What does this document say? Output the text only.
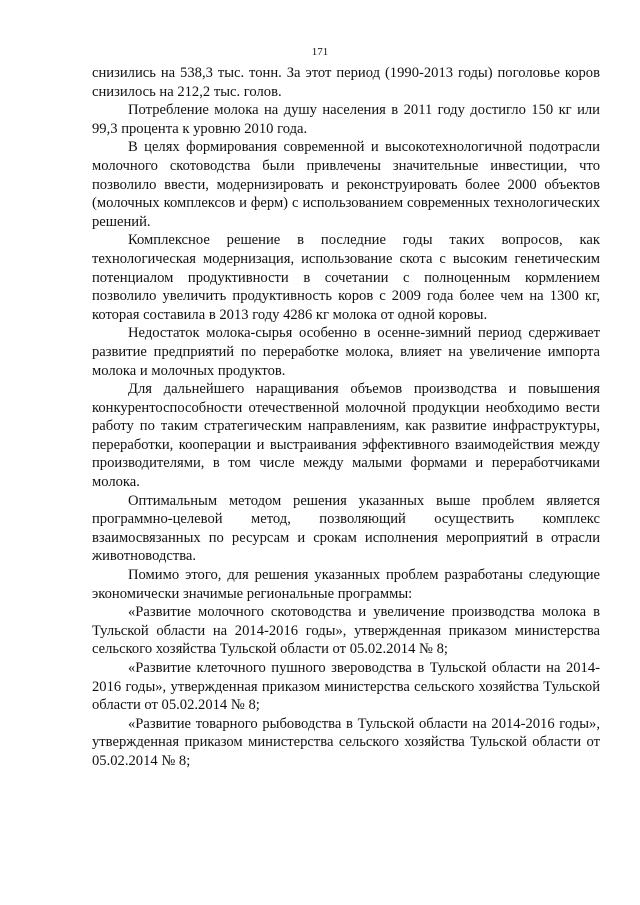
171

снизились на 538,3 тыс. тонн. За этот период (1990-2013 годы) поголовье коров снизилось на 212,2 тыс. голов.

Потребление молока на душу населения в 2011 году достигло 150 кг или 99,3 процента к уровню 2010 года.

В целях формирования современной и высокотехнологичной подотрасли молочного скотоводства были привлечены значительные инвестиции, что позволило ввести, модернизировать и реконструировать более 2000 объектов (молочных комплексов и ферм) с использованием современных технологических решений.

Комплексное решение в последние годы таких вопросов, как технологическая модернизация, использование скота с высоким генетическим потенциалом продуктивности в сочетании с полноценным кормлением позволило увеличить продуктивность коров с 2009 года более чем на 1300 кг, которая составила в 2013 году 4286 кг молока от одной коровы.

Недостаток молока-сырья особенно в осенне-зимний период сдерживает развитие предприятий по переработке молока, влияет на увеличение импорта молока и молочных продуктов.

Для дальнейшего наращивания объемов производства и повышения конкурентоспособности отечественной молочной продукции необходимо вести работу по таким стратегическим направлениям, как развитие инфраструктуры, переработки, кооперации и выстраивания эффективного взаимодействия между производителями, в том числе между малыми формами и переработчиками молока.

Оптимальным методом решения указанных выше проблем является программно-целевой метод, позволяющий осуществить комплекс взаимосвязанных по ресурсам и срокам исполнения мероприятий в отрасли животноводства.

Помимо этого, для решения указанных проблем разработаны следующие экономически значимые региональные программы:

«Развитие молочного скотоводства и увеличение производства молока в Тульской области на 2014-2016 годы», утвержденная приказом министерства сельского хозяйства Тульской области от 05.02.2014 № 8;

«Развитие клеточного пушного звероводства в Тульской области на 2014-2016 годы», утвержденная приказом министерства сельского хозяйства Тульской области от 05.02.2014 № 8;

«Развитие товарного рыбоводства в Тульской области на 2014-2016 годы», утвержденная приказом министерства сельского хозяйства Тульской области от 05.02.2014 № 8;
